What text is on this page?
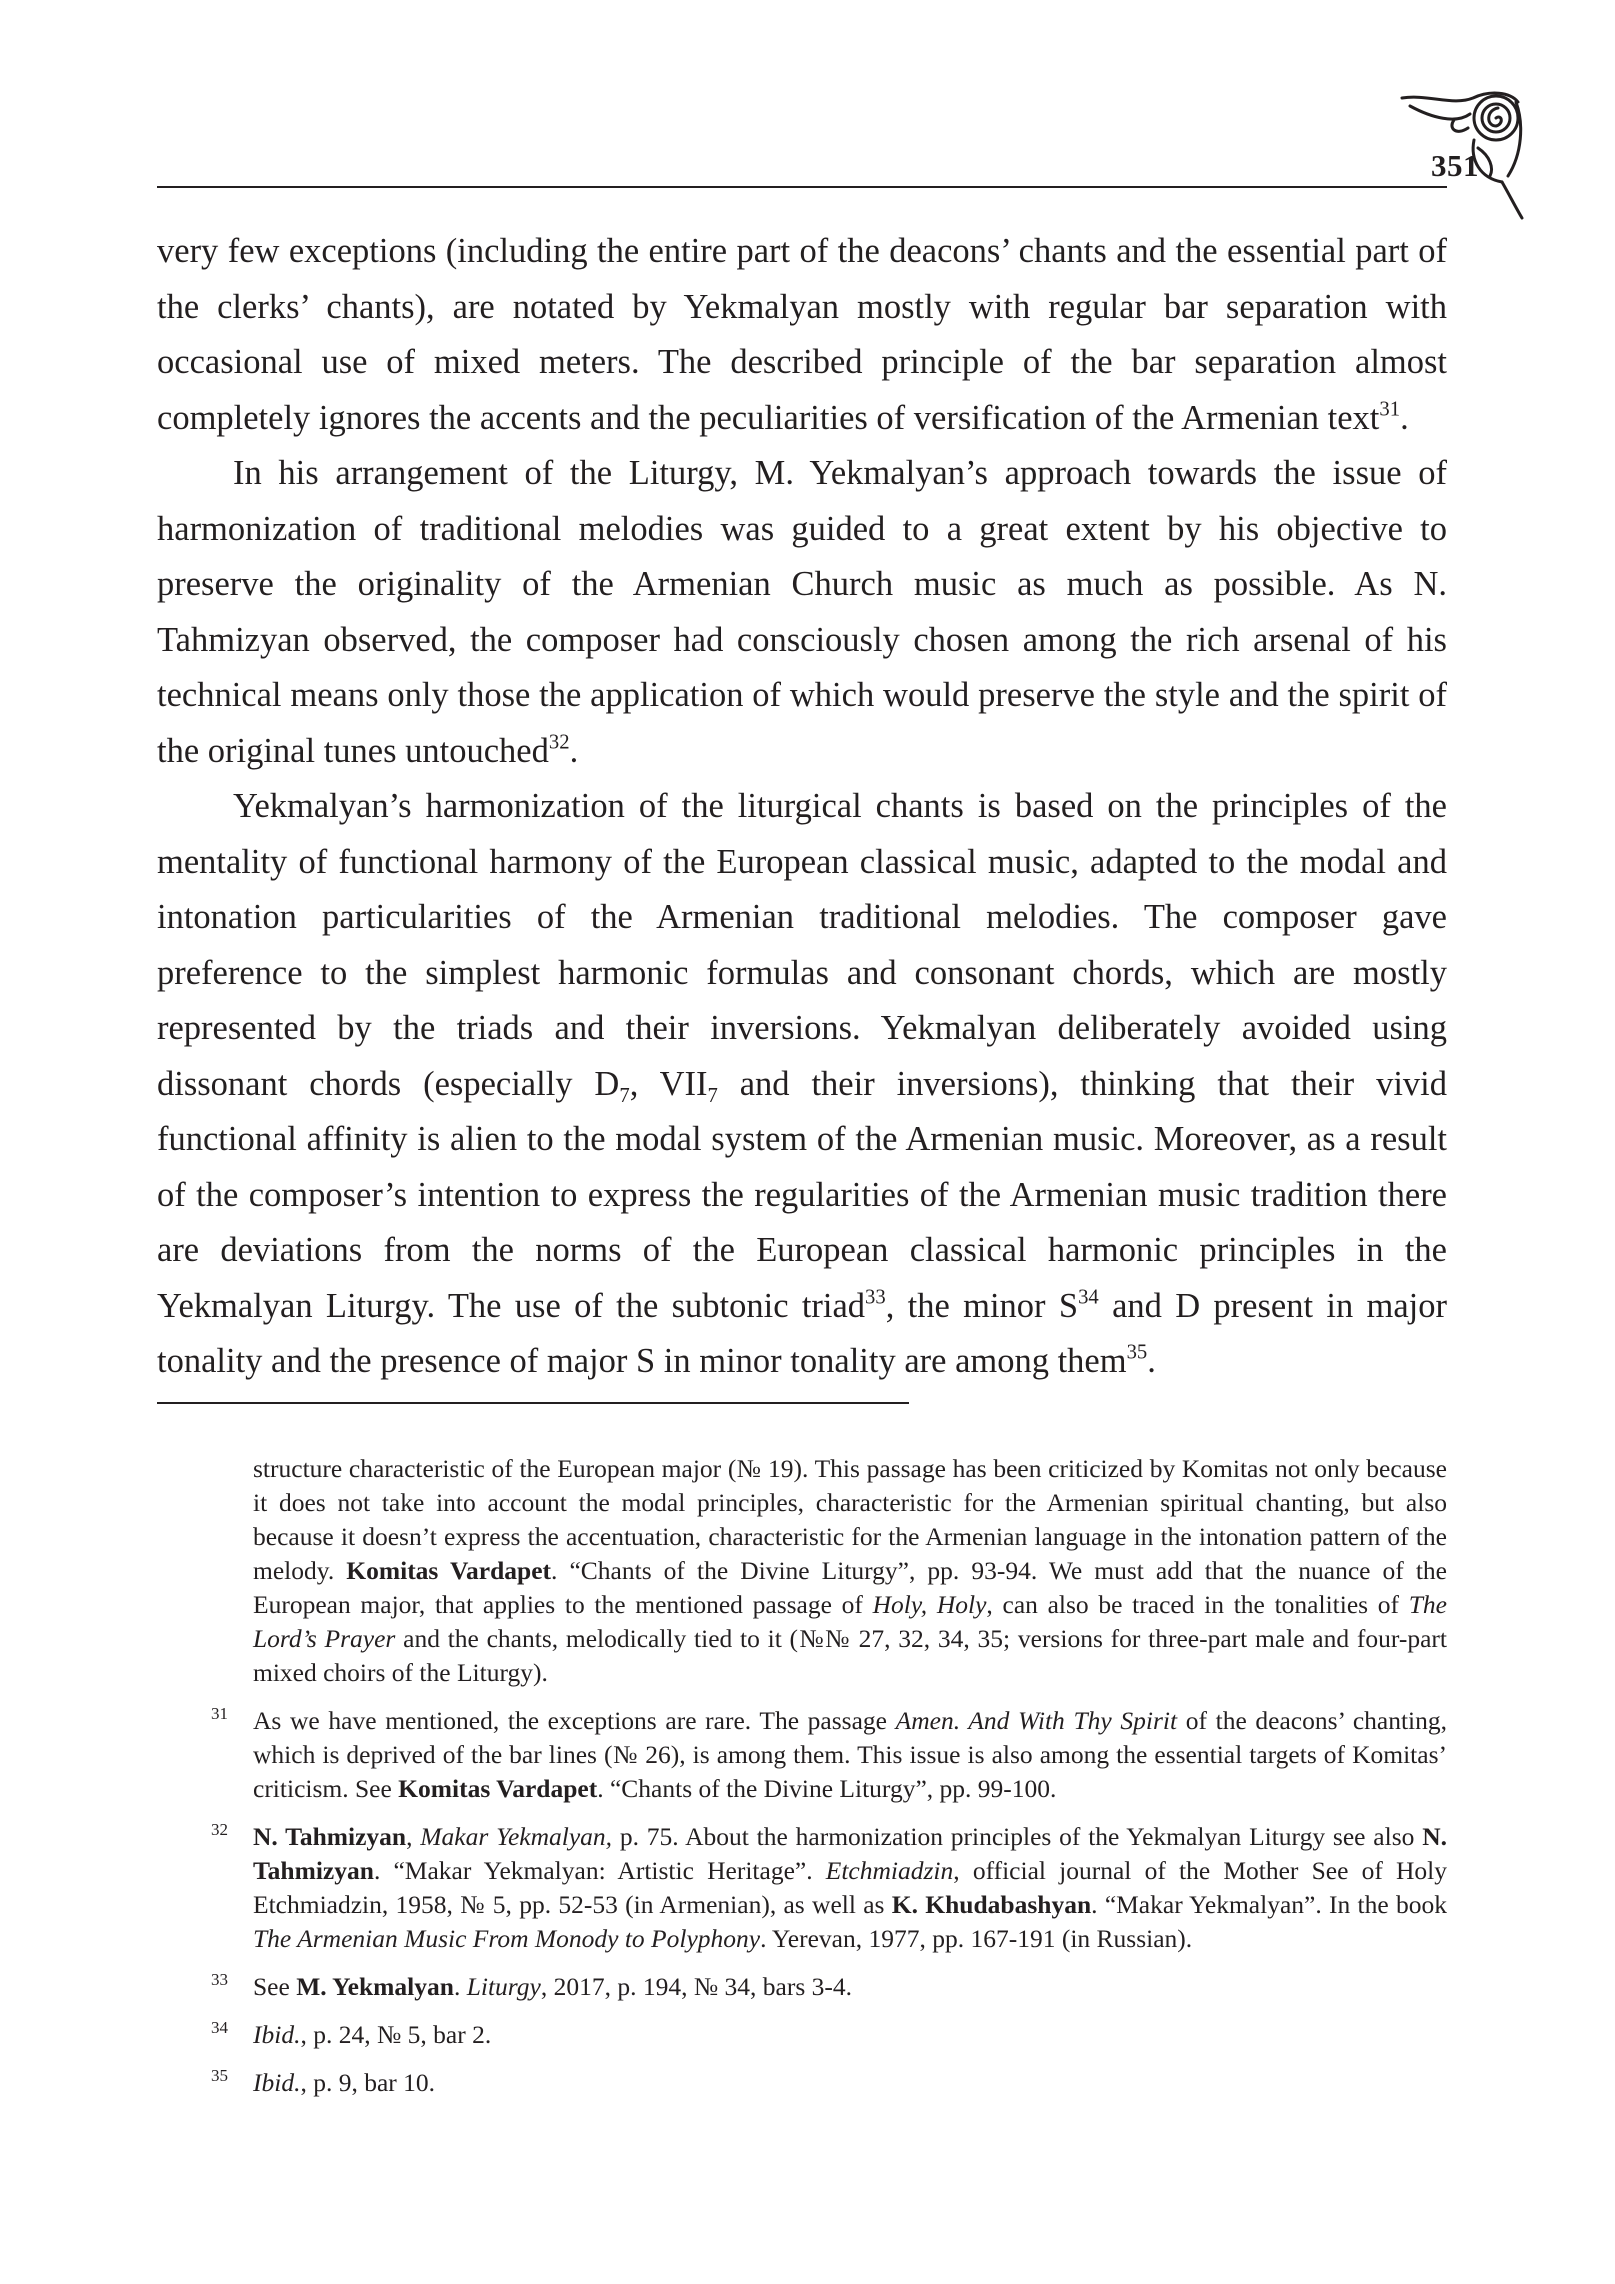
351

very few exceptions (including the entire part of the deacons’ chants and the essential part of the clerks’ chants), are notated by Yekmalyan mostly with regular bar separation with occasional use of mixed meters. The described principle of the bar separation almost completely ignores the accents and the peculiarities of versification of the Armenian text$^{31}$.

In his arrangement of the Liturgy, M. Yekmalyan’s approach towards the issue of harmonization of traditional melodies was guided to a great extent by his objective to preserve the originality of the Armenian Church music as much as possible. As N. Tahmizyan observed, the composer had consciously chosen among the rich arsenal of his technical means only those the application of which would preserve the style and the spirit of the original tunes untouched$^{32}$.

Yekmalyan’s harmonization of the liturgical chants is based on the principles of the mentality of functional harmony of the European classical music, adapted to the modal and intonation particularities of the Armenian traditional melodies. The composer gave preference to the simplest harmonic formulas and consonant chords, which are mostly represented by the triads and their inversions. Yekmalyan deliberately avoided using dissonant chords (especially $D_7$, $VII_7$ and their inversions), thinking that their vivid functional affinity is alien to the modal system of the Armenian music. Moreover, as a result of the composer’s intention to express the regularities of the Armenian music tradition there are deviations from the norms of the European classical harmonic principles in the Yekmalyan Liturgy. The use of the subtonic triad$^{33}$, the minor $S^{34}$ and D present in major tonality and the presence of major S in minor tonality are among them$^{35}$.

structure characteristic of the European major (№ 19). This passage has been criticized by Komitas not only because it does not take into account the modal principles, characteristic for the Armenian spiritual chanting, but also because it doesn’t express the accentuation, characteristic for the Armenian language in the intonation pattern of the melody. Komitas Vardapet. “Chants of the Divine Liturgy”, pp. 93-94. We must add that the nuance of the European major, that applies to the mentioned passage of Holy, Holy, can also be traced in the tonalities of The Lord’s Prayer and the chants, melodically tied to it (№№ 27, 32, 34, 35; versions for three-part male and four-part mixed choirs of the Liturgy).
31 As we have mentioned, the exceptions are rare. The passage Amen. And With Thy Spirit of the deacons’ chanting, which is deprived of the bar lines (№ 26), is among them. This issue is also among the essential targets of Komitas’ criticism. See Komitas Vardapet. “Chants of the Divine Liturgy”, pp. 99-100.
32 N. Tahmizyan, Makar Yekmalyan, p. 75. About the harmonization principles of the Yekmalyan Liturgy see also N. Tahmizyan. “Makar Yekmalyan: Artistic Heritage”. Etchmiadzin, official journal of the Mother See of Holy Etchmiadzin, 1958, № 5, pp. 52-53 (in Armenian), as well as K. Khudabashyan. “Makar Yekmalyan”. In the book The Armenian Music From Monody to Polyphony. Yerevan, 1977, pp. 167-191 (in Russian).
33 See M. Yekmalyan. Liturgy, 2017, p. 194, № 34, bars 3-4.
34 Ibid., p. 24, № 5, bar 2.
35 Ibid., p. 9, bar 10.
